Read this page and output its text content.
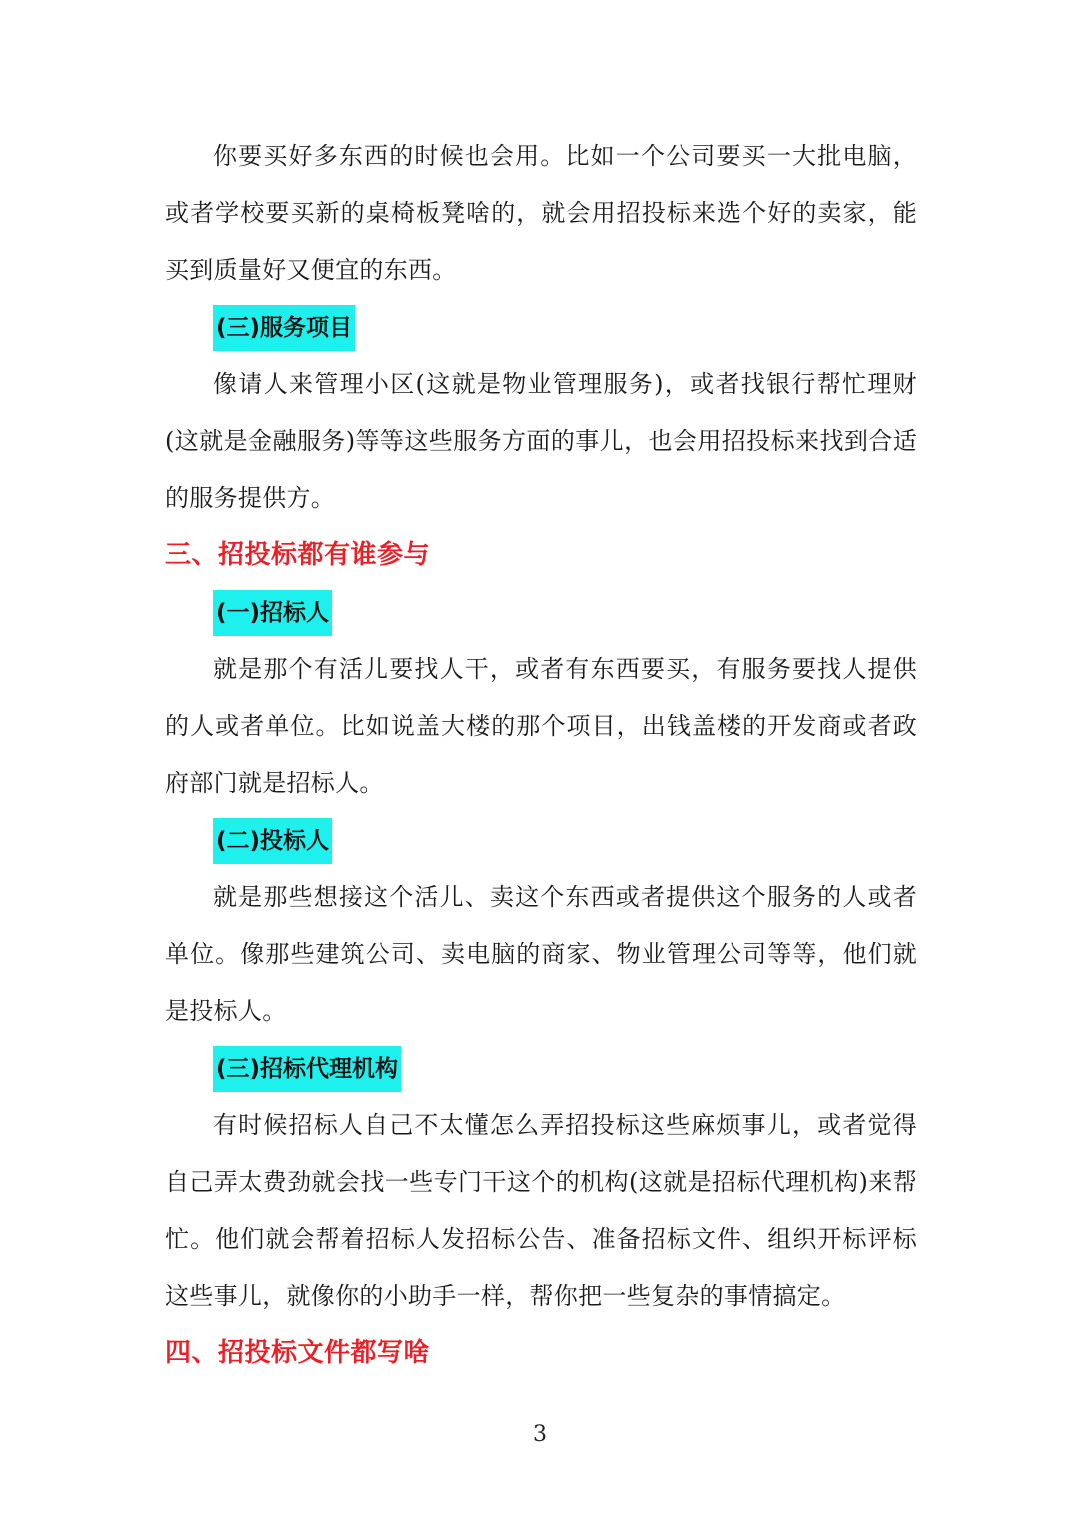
你要买好多东西的时候也会用。比如一个公司要买一大批电脑，或者学校要买新的桌椅板凳啥的，就会用招投标来选个好的卖家，能买到质量好又便宜的东西。

(三)服务项目

像请人来管理小区(这就是物业管理服务)，或者找银行帮忙理财(这就是金融服务)等等这些服务方面的事儿，也会用招投标来找到合适的服务提供方。

三、招投标都有谁参与
(一)招标人

就是那个有活儿要找人干，或者有东西要买，有服务要找人提供的人或者单位。比如说盖大楼的那个项目，出钱盖楼的开发商或者政府部门就是招标人。

(二)投标人

就是那些想接这个活儿、卖这个东西或者提供这个服务的人或者单位。像那些建筑公司、卖电脑的商家、物业管理公司等等，他们就是投标人。

(三)招标代理机构

有时候招标人自己不太懂怎么弄招投标这些麻烦事儿，或者觉得自己弄太费劲就会找一些专门干这个的机构(这就是招标代理机构)来帮忙。他们就会帮着招标人发招标公告、准备招标文件、组织开标评标这些事儿，就像你的小助手一样，帮你把一些复杂的事情搞定。

四、招投标文件都写啥
3
